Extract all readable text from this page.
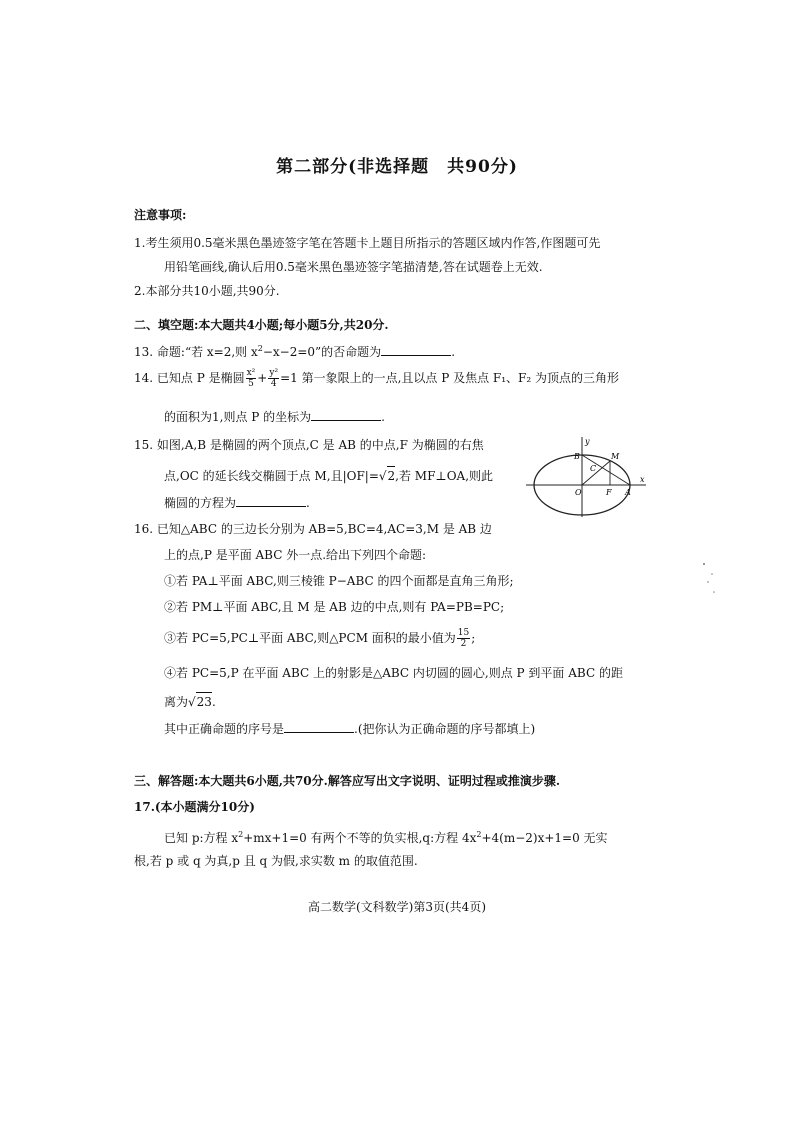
第二部分(非选择题　共90分)
注意事项:
1.考生须用0.5毫米黑色墨迹签字笔在答题卡上题目所指示的答题区域内作答,作图题可先
用铅笔画线,确认后用0.5毫米黑色墨迹签字笔描清楚,答在试题卷上无效.
2.本部分共10小题,共90分.
二、填空题:本大题共4小题;每小题5分,共20分.
13. 命题:“若 x=2,则 $x^2-x-2=0$”的否命题为	.
14. 已知点 P 是椭圆 $\frac{\text{x²}}{5} + \frac{\text{y²}}{4} =1$ 第一象限上的一点,且以点 P 及焦点 F₁、F₂ 为顶点的三角形
的面积为1,则点 P 的坐标为	.
15. 如图,A,B 是椭圆的两个顶点,C 是 AB 的中点,F 为椭圆的右焦
点,OC 的延长线交椭圆于点 M,且|OF|=√2,若 MF⊥OA,则此
椭圆的方程为	.
y
x
B
C
M
O	F A
16. 已知△ABC 的三边长分别为 AB=5,BC=4,AC=3,M 是 AB 边
上的点,P 是平面 ABC 外一点.给出下列四个命题:
①若 PA⊥平面 ABC,则三棱锥 P−ABC 的四个面都是直角三角形;
②若 PM⊥平面 ABC,且 M 是 AB 边的中点,则有 PA=PB=PC;
③若 PC=5,PC⊥平面 ABC,则△PCM 面积的最小值为 $\frac{15}{2}$ ;
④若 PC=5,P 在平面 ABC 上的射影是△ABC 内切圆的圆心,则点 P 到平面 ABC 的距
离为√23.
其中正确命题的序号是	.(把你认为正确命题的序号都填上)
三、解答题:本大题共6小题,共70分.解答应写出文字说明、证明过程或推演步骤.
17.(本小题满分10分)
已知 p:方程 $x^2+mx+1=0$ 有两个不等的负实根,q:方程 $4x^2+4(m-2)x+1=0$ 无实
根,若 p 或 q 为真,p 且 q 为假,求实数 m 的取值范围.
高二数学(文科数学)第3页(共4页)
